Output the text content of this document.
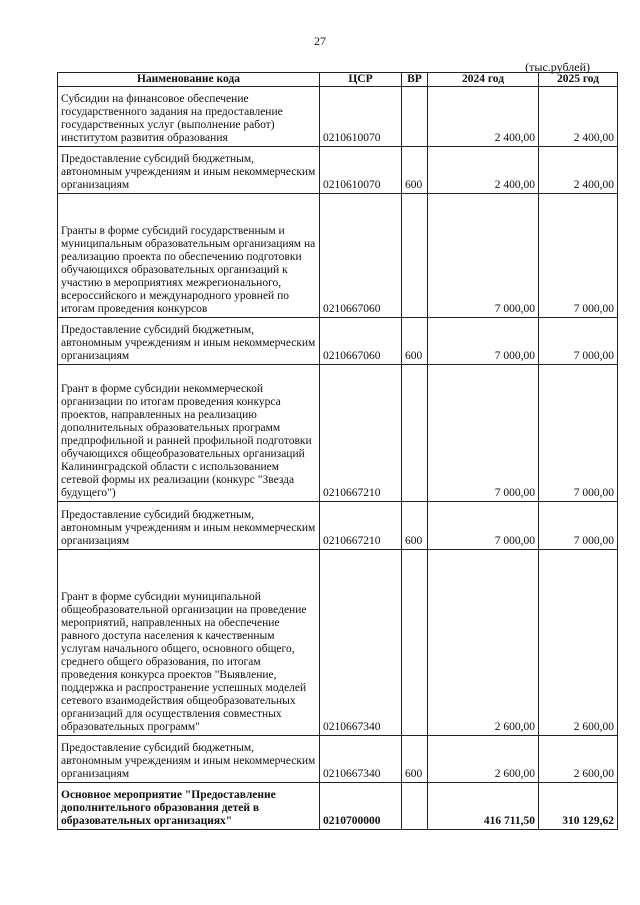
27
(тыс.рублей)
Наименование кода	ЦСР	ВР	2024 год	2025 год
Субсидии на финансовое обеспечение государственного задания на предоставление государственных услуг (выполнение работ) институтом развития образования	0210610070		2 400,00	2 400,00
Предоставление субсидий бюджетным, автономным учреждениям и иным некоммерческим организациям	0210610070	600	2 400,00	2 400,00
Гранты в форме субсидий государственным и муниципальным образовательным организациям на реализацию проекта по обеспечению подготовки обучающихся образовательных организаций к участию в мероприятиях межрегионального, всероссийского и международного уровней по итогам проведения конкурсов	0210667060		7 000,00	7 000,00
Предоставление субсидий бюджетным, автономным учреждениям и иным некоммерческим организациям	0210667060	600	7 000,00	7 000,00
Грант в форме субсидии некоммерческой организации по итогам проведения конкурса проектов, направленных на реализацию дополнительных образовательных программ предпрофильной и ранней профильной подготовки обучающихся общеобразовательных организаций Калининградской области с использованием сетевой формы их реализации (конкурс "Звезда будущего")	0210667210		7 000,00	7 000,00
Предоставление субсидий бюджетным, автономным учреждениям и иным некоммерческим организациям	0210667210	600	7 000,00	7 000,00
Грант в форме субсидии муниципальной общеобразовательной организации на проведение мероприятий, направленных на обеспечение равного доступа населения к качественным услугам начального общего, основного общего, среднего общего образования, по итогам проведения конкурса проектов "Выявление, поддержка и распространение успешных моделей сетевого взаимодействия общеобразовательных организаций для осуществления совместных образовательных программ"	0210667340		2 600,00	2 600,00
Предоставление субсидий бюджетным, автономным учреждениям и иным некоммерческим организациям	0210667340	600	2 600,00	2 600,00
Основное мероприятие "Предоставление дополнительного образования детей в образовательных организациях"	0210700000		416 711,50	310 129,62
